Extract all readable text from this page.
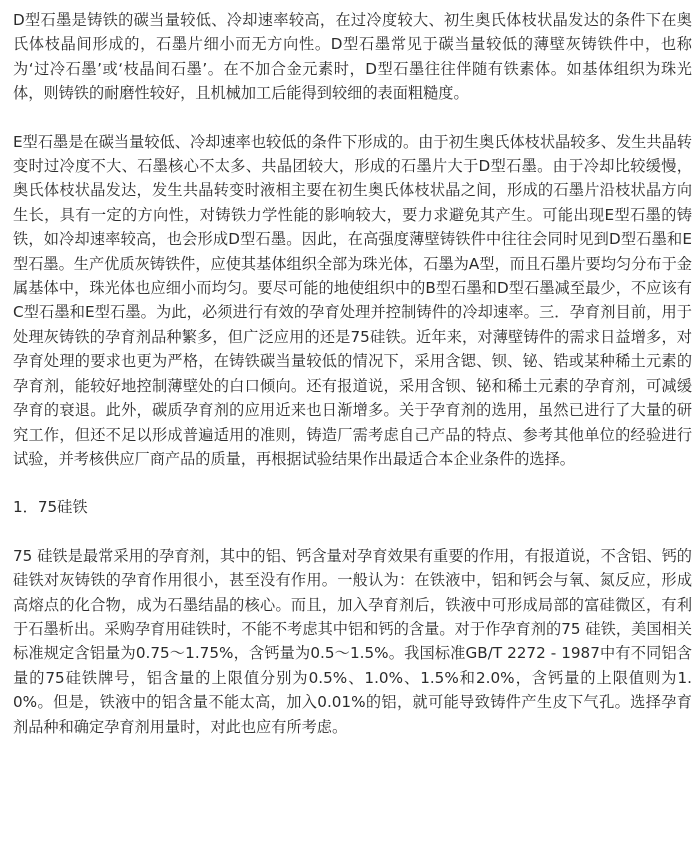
D型石墨是铸铁的碳当量较低、冷却速率较高，在过冷度较大、初生奥氏体枝状晶发达的条件下在奥氏体枝晶间形成的，石墨片细小而无方向性。D型石墨常见于碳当量较低的薄壁灰铸铁件中，也称为‘过冷石墨’或‘枝晶间石墨’。在不加合金元素时，D型石墨往往伴随有铁素体。如基体组织为珠光体，则铸铁的耐磨性较好，且机械加工后能得到较细的表面粗糙度。

E型石墨是在碳当量较低、冷却速率也较低的条件下形成的。由于初生奥氏体枝状晶较多、发生共晶转变时过冷度不大、石墨核心不太多、共晶团较大，形成的石墨片大于D型石墨。由于冷却比较缓慢，奥氏体枝状晶发达，发生共晶转变时液相主要在初生奥氏体枝状晶之间，形成的石墨片沿枝状晶方向生长，具有一定的方向性，对铸铁力学性能的影响较大，要力求避免其产生。可能出现E型石墨的铸铁，如冷却速率较高，也会形成D型石墨。因此，在高强度薄壁铸铁件中往往会同时见到D型石墨和E型石墨。生产优质灰铸铁件，应使其基体组织全部为珠光体，石墨为A型，而且石墨片要均匀分布于金属基体中，珠光体也应细小而均匀。要尽可能的地使组织中的B型石墨和D型石墨减至最少，不应该有C型石墨和E型石墨。为此，必须进行有效的孕育处理并控制铸件的冷却速率。三．孕育剂目前，用于处理灰铸铁的孕育剂品种繁多，但广泛应用的还是75硅铁。近年来，对薄壁铸件的需求日益增多，对孕育处理的要求也更为严格，在铸铁碳当量较低的情况下，采用含锶、钡、铋、锆或某种稀土元素的孕育剂，能较好地控制薄壁处的白口倾向。还有报道说，采用含钡、铋和稀土元素的孕育剂，可减缓孕育的衰退。此外，碳质孕育剂的应用近来也日渐增多。关于孕育剂的选用，虽然已进行了大量的研究工作，但还不足以形成普遍适用的准则，铸造厂需考虑自己产品的特点、参考其他单位的经验进行试验，并考核供应厂商产品的质量，再根据试验结果作出最适合本企业条件的选择。

1．75硅铁

75 硅铁是最常采用的孕育剂，其中的铝、钙含量对孕育效果有重要的作用，有报道说，不含铝、钙的硅铁对灰铸铁的孕育作用很小，甚至没有作用。一般认为：在铁液中，铝和钙会与氧、氮反应，形成高熔点的化合物，成为石墨结晶的核心。而且，加入孕育剂后，铁液中可形成局部的富硅微区，有利于石墨析出。采购孕育用硅铁时，不能不考虑其中铝和钙的含量。对于作孕育剂的75 硅铁，美国相关标准规定含铝量为0.75～1.75%，含钙量为0.5～1.5%。我国标准GB/T 2272 - 1987中有不同铝含量的75硅铁牌号，铝含量的上限值分别为0.5%、1.0%、1.5%和2.0%，含钙量的上限值则为1.0%。但是，铁液中的铝含量不能太高，加入0.01%的铝，就可能导致铸件产生皮下气孔。选择孕育剂品种和确定孕育剂用量时，对此也应有所考虑。
